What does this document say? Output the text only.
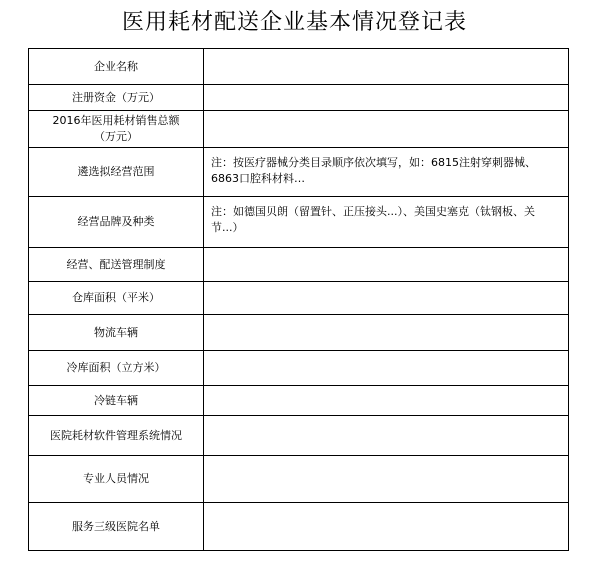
医用耗材配送企业基本情况登记表
企业名称	
注册资金（万元）	

2016年医用耗材销售总额
（万元）	

遴选拟经营范围	注：按医疗器械分类目录顺序依次填写，如：6815注射穿刺器械、6863口腔科材料…

经营品牌及种类	注：如德国贝朗（留置针、正压接头...）、美国史塞克（钛钢板、关节...）

经营、配送管理制度	
仓库面积（平米）	
物流车辆	
冷库面积（立方米）	
冷链车辆	
医院耗材软件管理系统情况	
专业人员情况	
服务三级医院名单	
